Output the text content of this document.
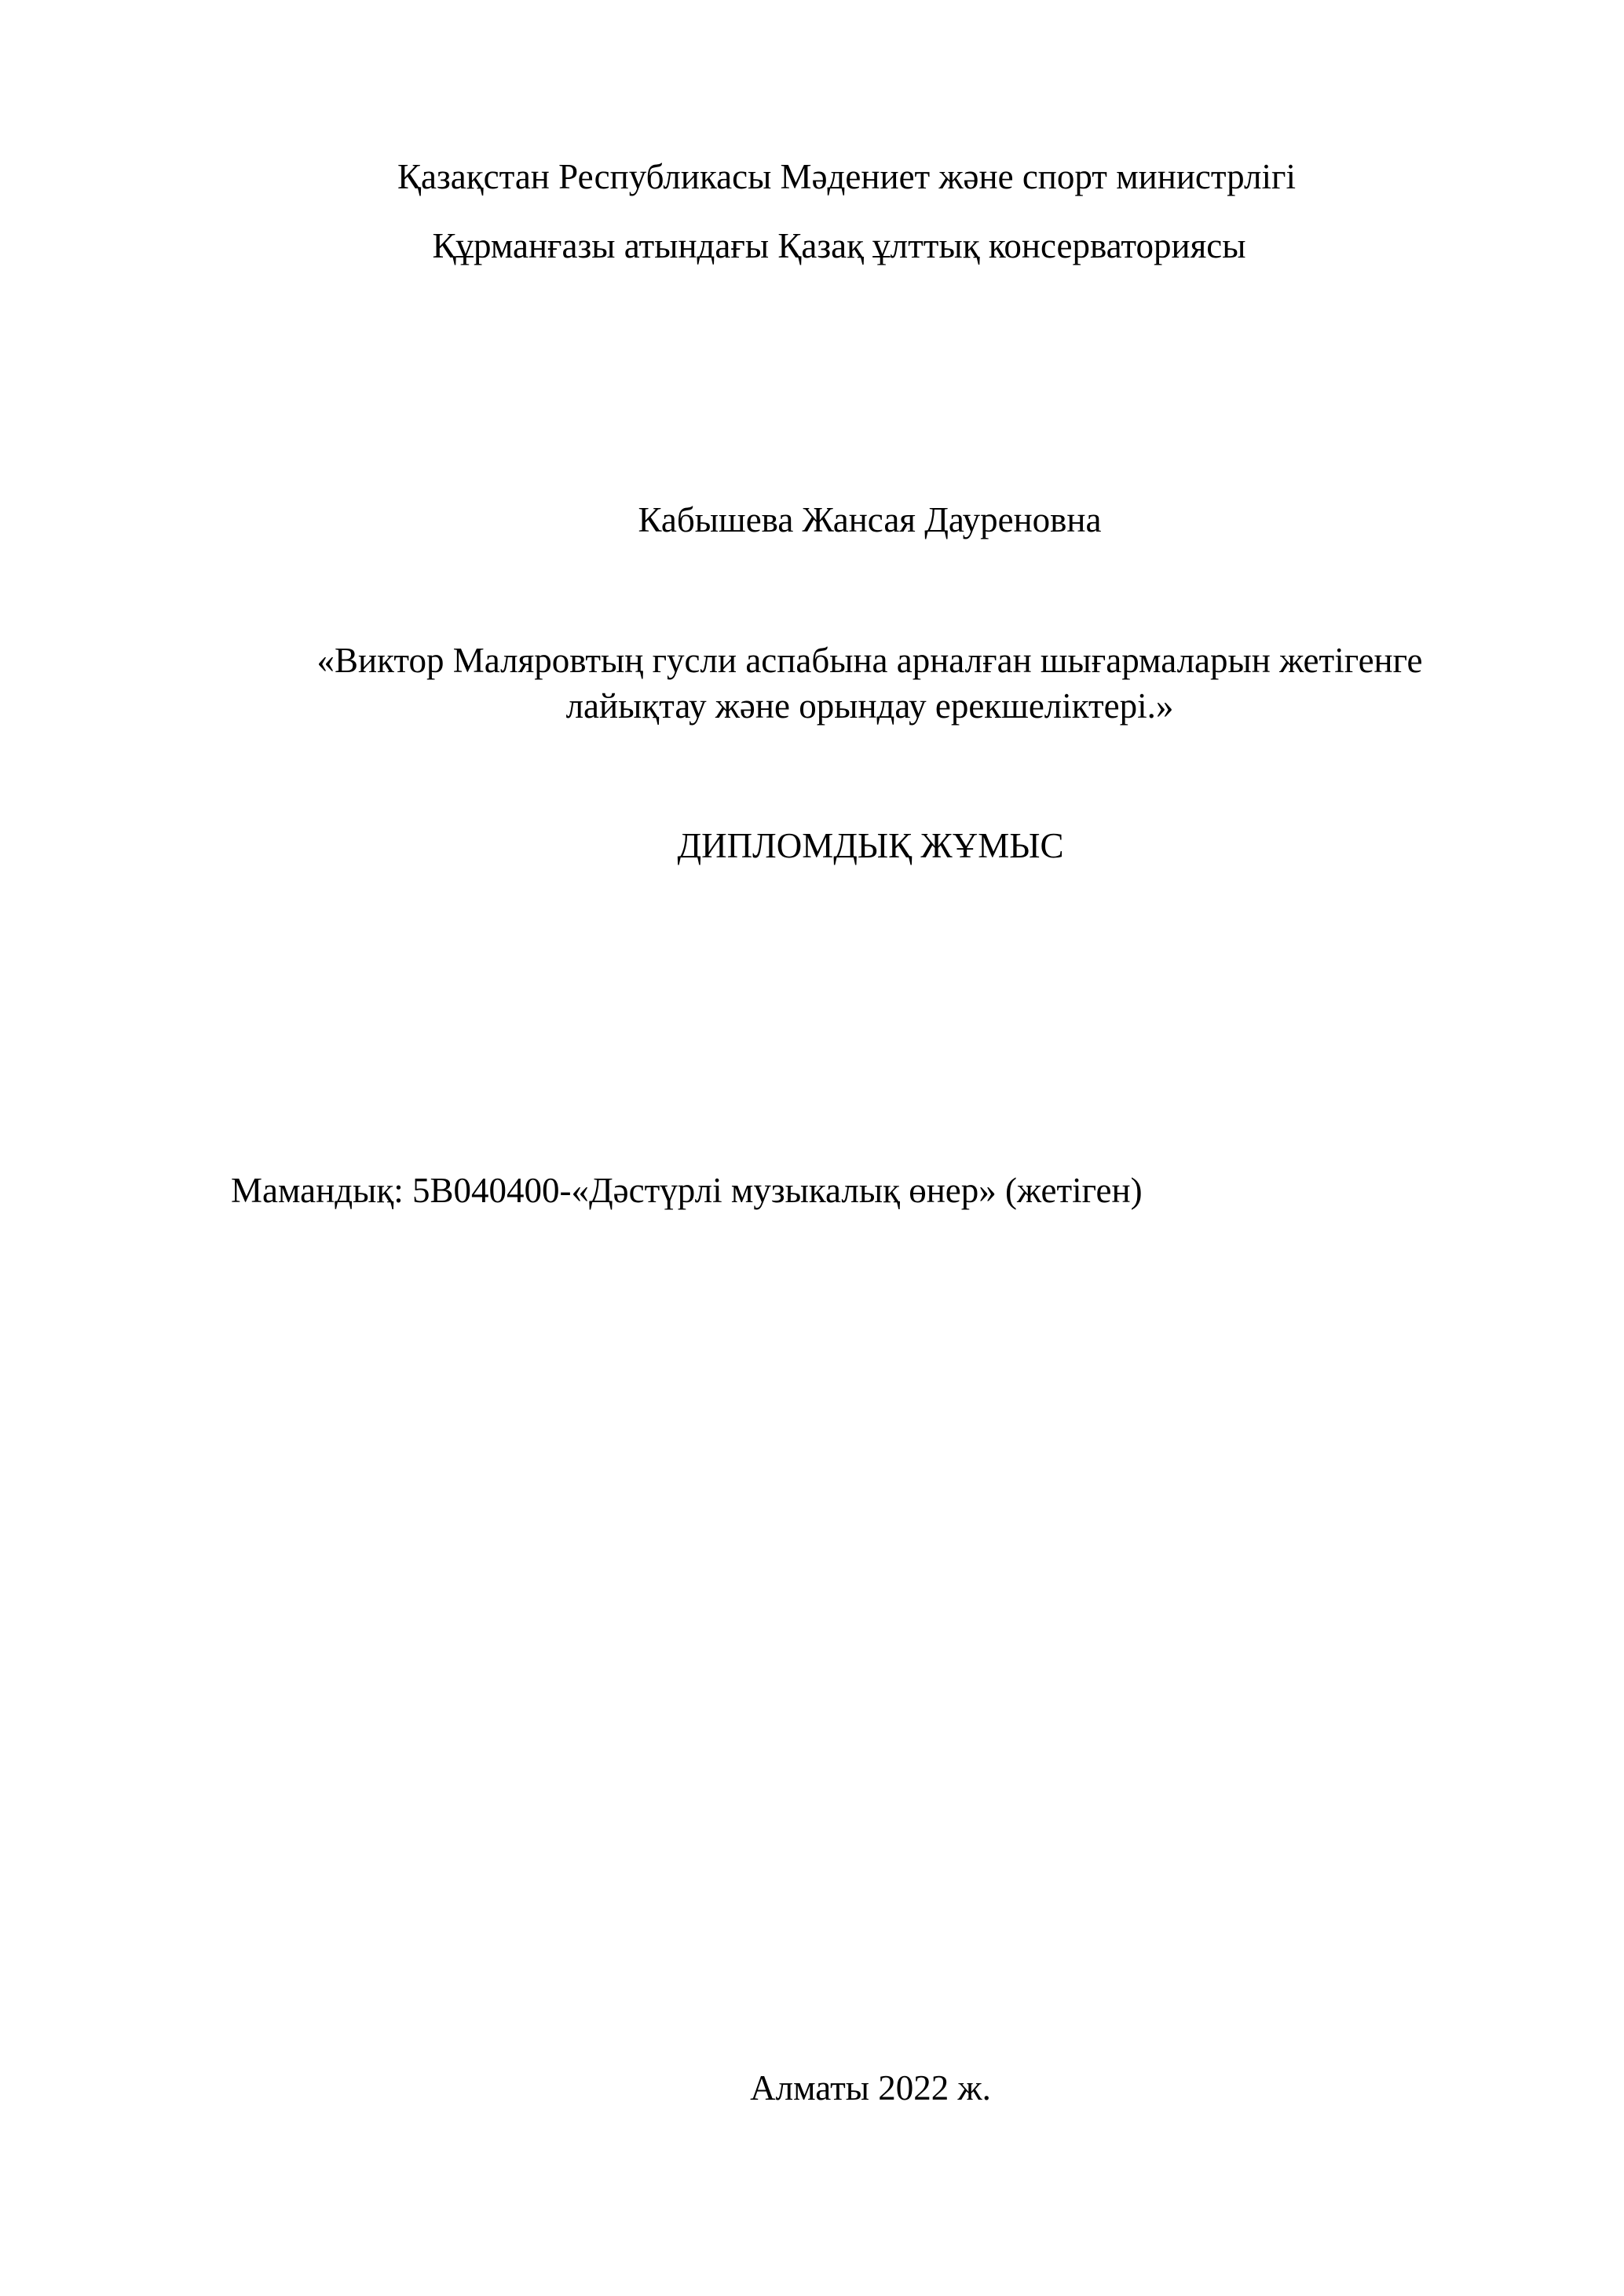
Қазақстан Республикасы Мәдениет және спорт министрлігі

Құрманғазы атындағы Қазақ ұлттық консерваториясы

Кабышева Жансая Дауреновна

«Виктор Маляровтың гусли аспабына арналған шығармаларын жетігенге
лайықтау және орындау ерекшеліктері.»

ДИПЛОМДЫҚ ЖҰМЫС

Мамандық: 5В040400-«Дәстүрлі музыкалық өнер» (жетіген)

Алматы 2022 ж.
